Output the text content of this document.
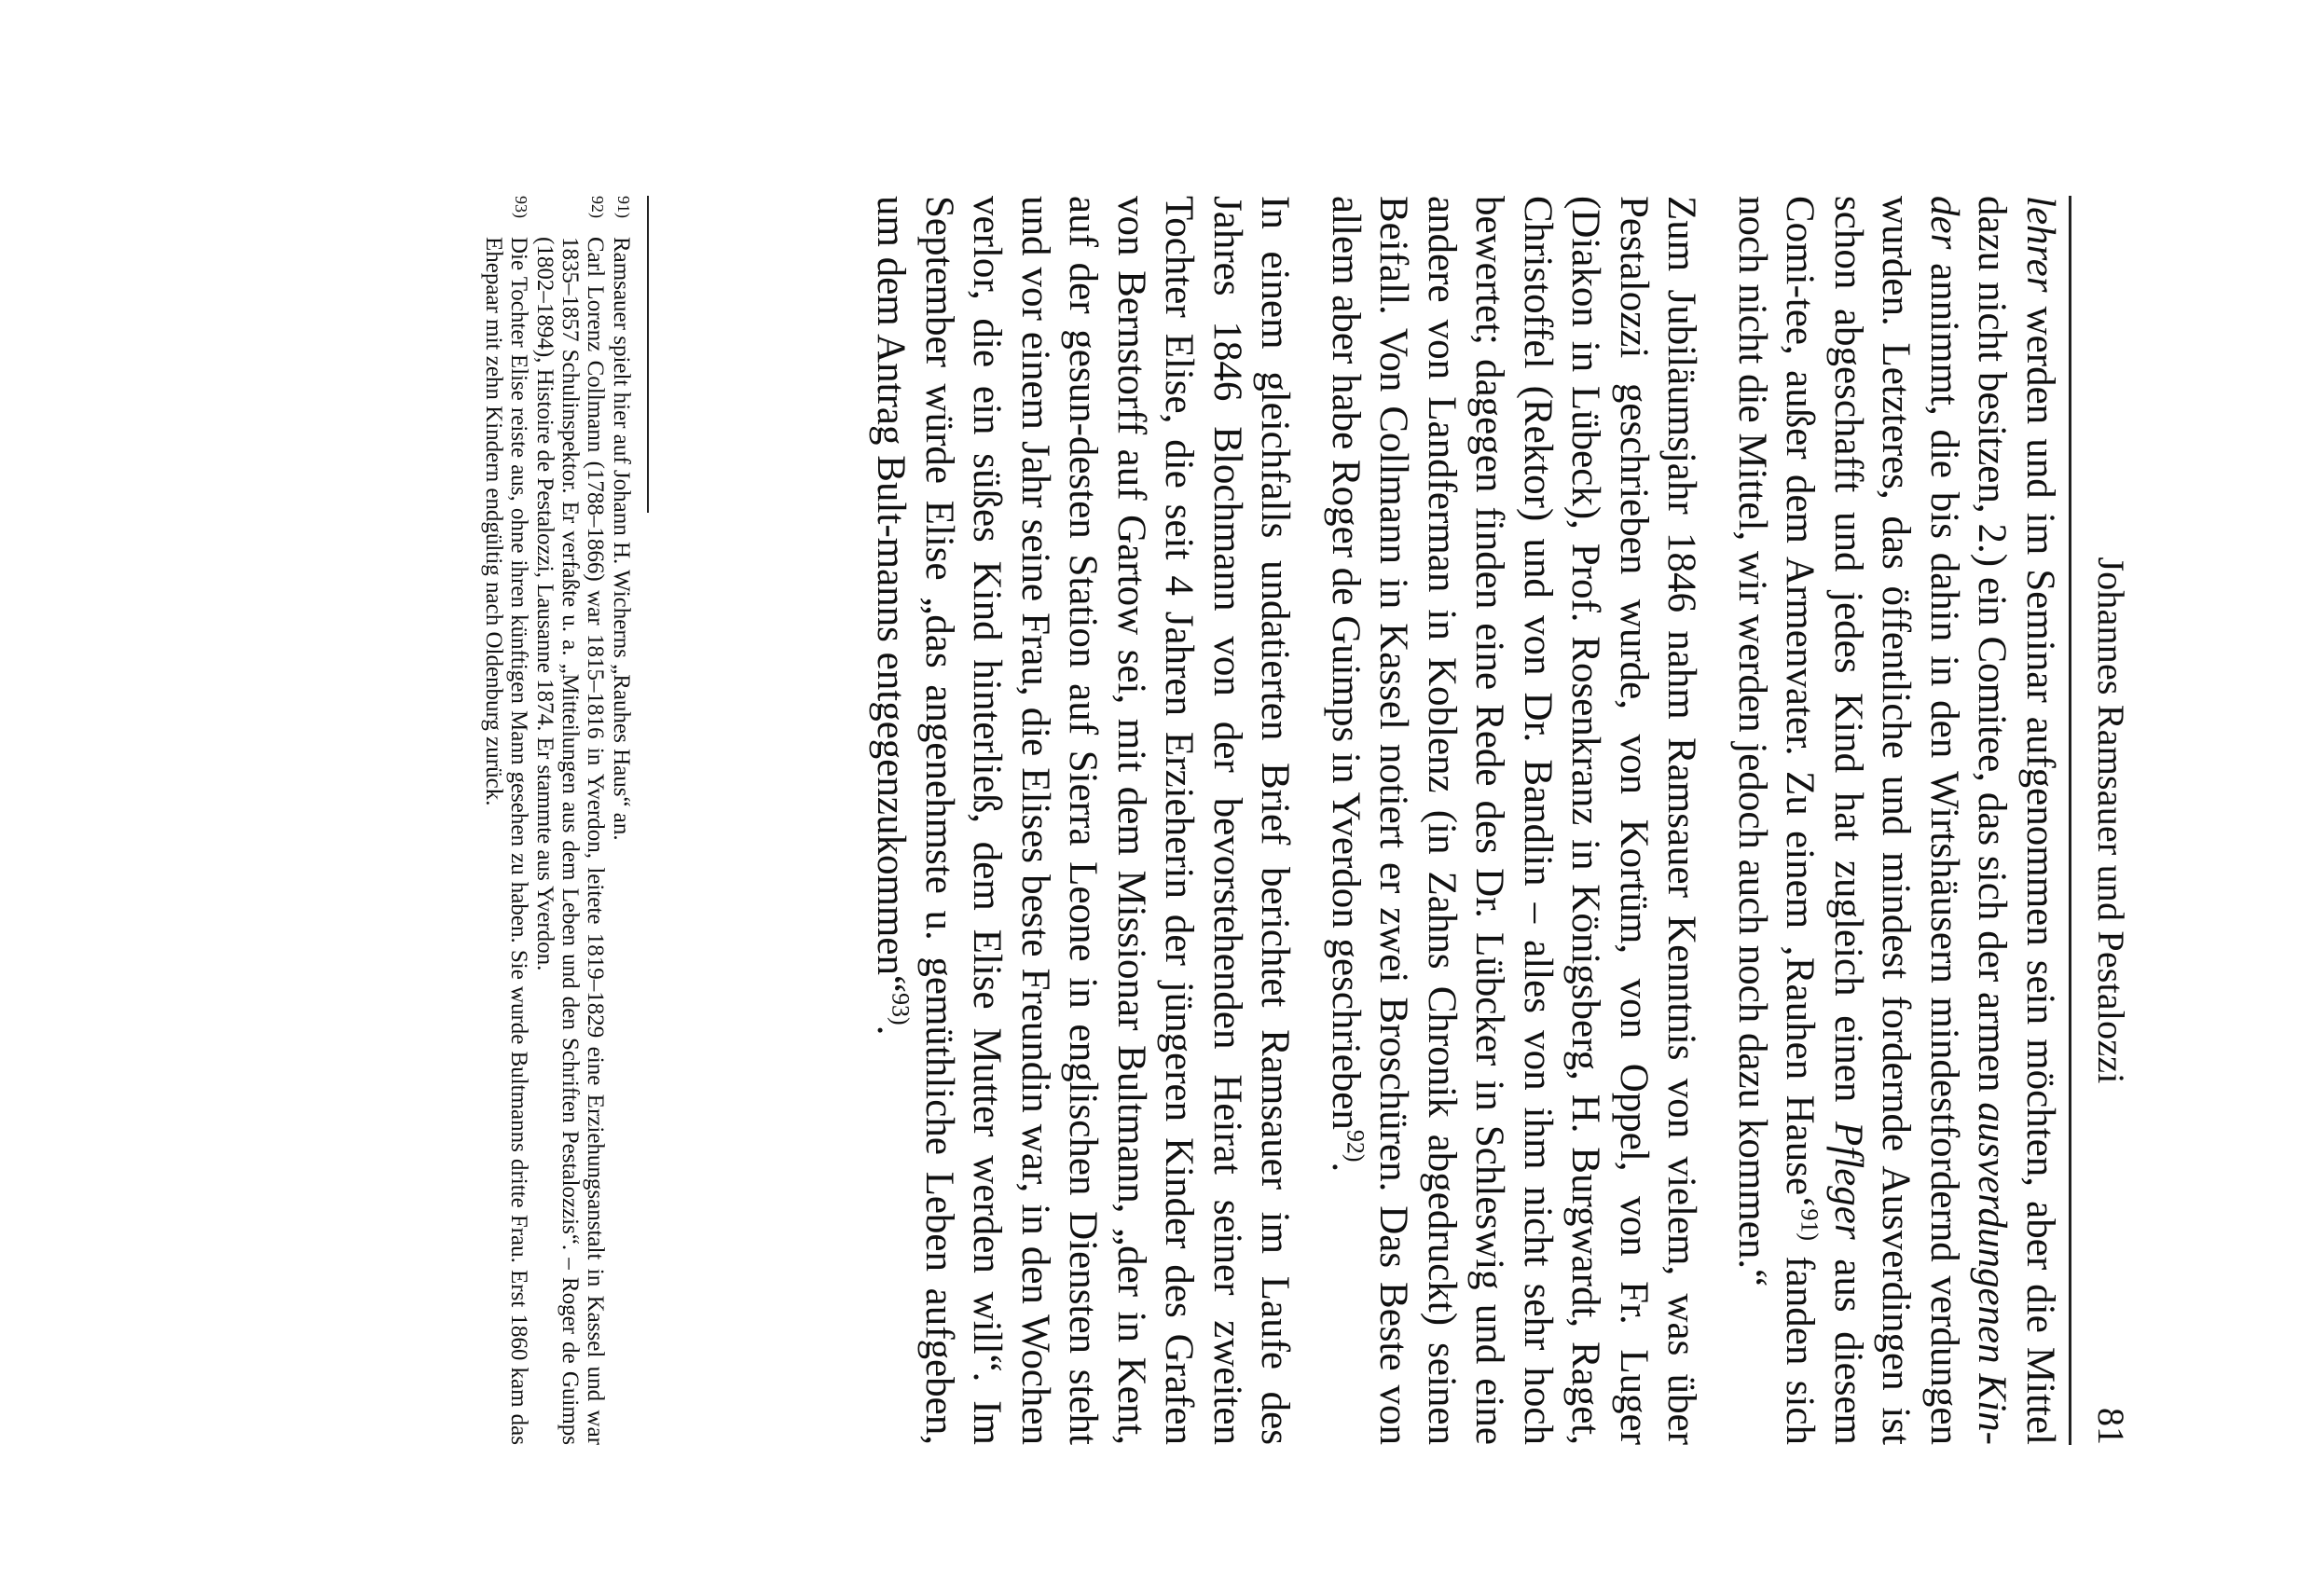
Johannes Ramsauer und Pestalozzi
81

lehrer werden und im Seminar aufgenommen sein möchten, aber die Mittel dazu nicht besitzen, 2.) ein Comitee, das sich der armen ausverdungenen Kin-der annimmt, die bis dahin in den Wirtshäusern mindestfordernd verdungen wurden. Letzteres, das öffentliche und mindest fordernde Ausverdingen ist schon abgeschafft und jedes Kind hat zugleich einen Pfleger aus diesem Comi-tee, außer dem Armenvater. Zu einem ‚Rauhen Hause‘$^{91)}$ fanden sich noch nicht die Mittel, wir werden jedoch auch noch dazu kommen.“

Zum Jubiläumsjahr 1846 nahm Ramsauer Kenntnis von vielem, was über Pestalozzi geschrieben wurde, von Kortüm, von Oppel, von Fr. Luger (Diakon in Lübeck), Prof. Rosenkranz in Königsberg, H. Burgwardt, Raget, Christoffel (Rektor) und von Dr. Bandlin – alles von ihm nicht sehr hoch bewertet; dagegen finden eine Rede des Dr. Lübcker in Schleswig und eine andere von Landferman in Koblenz (in Zahns Chronik abgedruckt) seinen Beifall. Von Collmann in Kassel notiert er zwei Broschüren. Das Beste von allem aber habe Roger de Guimps in Yverdon geschrieben$^{92)}$.

In einem gleichfalls undatierten Brief berichtet Ramsauer im Laufe des Jahres 1846 Blochmann von der bevorstehenden Heirat seiner zweiten Tochter Elise, die seit 4 Jahren Erzieherin der jüngeren Kinder des Grafen von Bernstorff auf Gartow sei, mit dem Missionar Bultmann, „der in Kent, auf der gesun-desten Station auf Sierra Leone in englischen Diensten steht und vor einem Jahr seine Frau, die Elises beste Freundin war, in den Wochen verlor, die ein süßes Kind hinterließ, dem Elise Mutter werden will“. Im September würde Elise „das angenehmste u. gemüthliche Leben aufgeben, um dem Antrag Bult-manns entgegenzukommen“$^{93)}$.

91)
Ramsauer spielt hier auf Johann H. Wicherns „Rauhes Haus“ an.
92)
Carl Lorenz Collmann (1788–1866) war 1815–1816 in Yverdon, leitete 1819–1829 eine Erziehungsanstalt in Kassel und war 1835–1857 Schulinspektor. Er verfaßte u. a. „Mitteilungen aus dem Leben und den Schriften Pestalozzis“. – Roger de Guimps (1802–1894), Histoire de Pestalozzi, Lausanne 1874. Er stammte aus Yverdon.
93)
Die Tochter Elise reiste aus, ohne ihren künftigen Mann gesehen zu haben. Sie wurde Bultmanns dritte Frau. Erst 1860 kam das Ehepaar mit zehn Kindern endgültig nach Oldenburg zurück.
